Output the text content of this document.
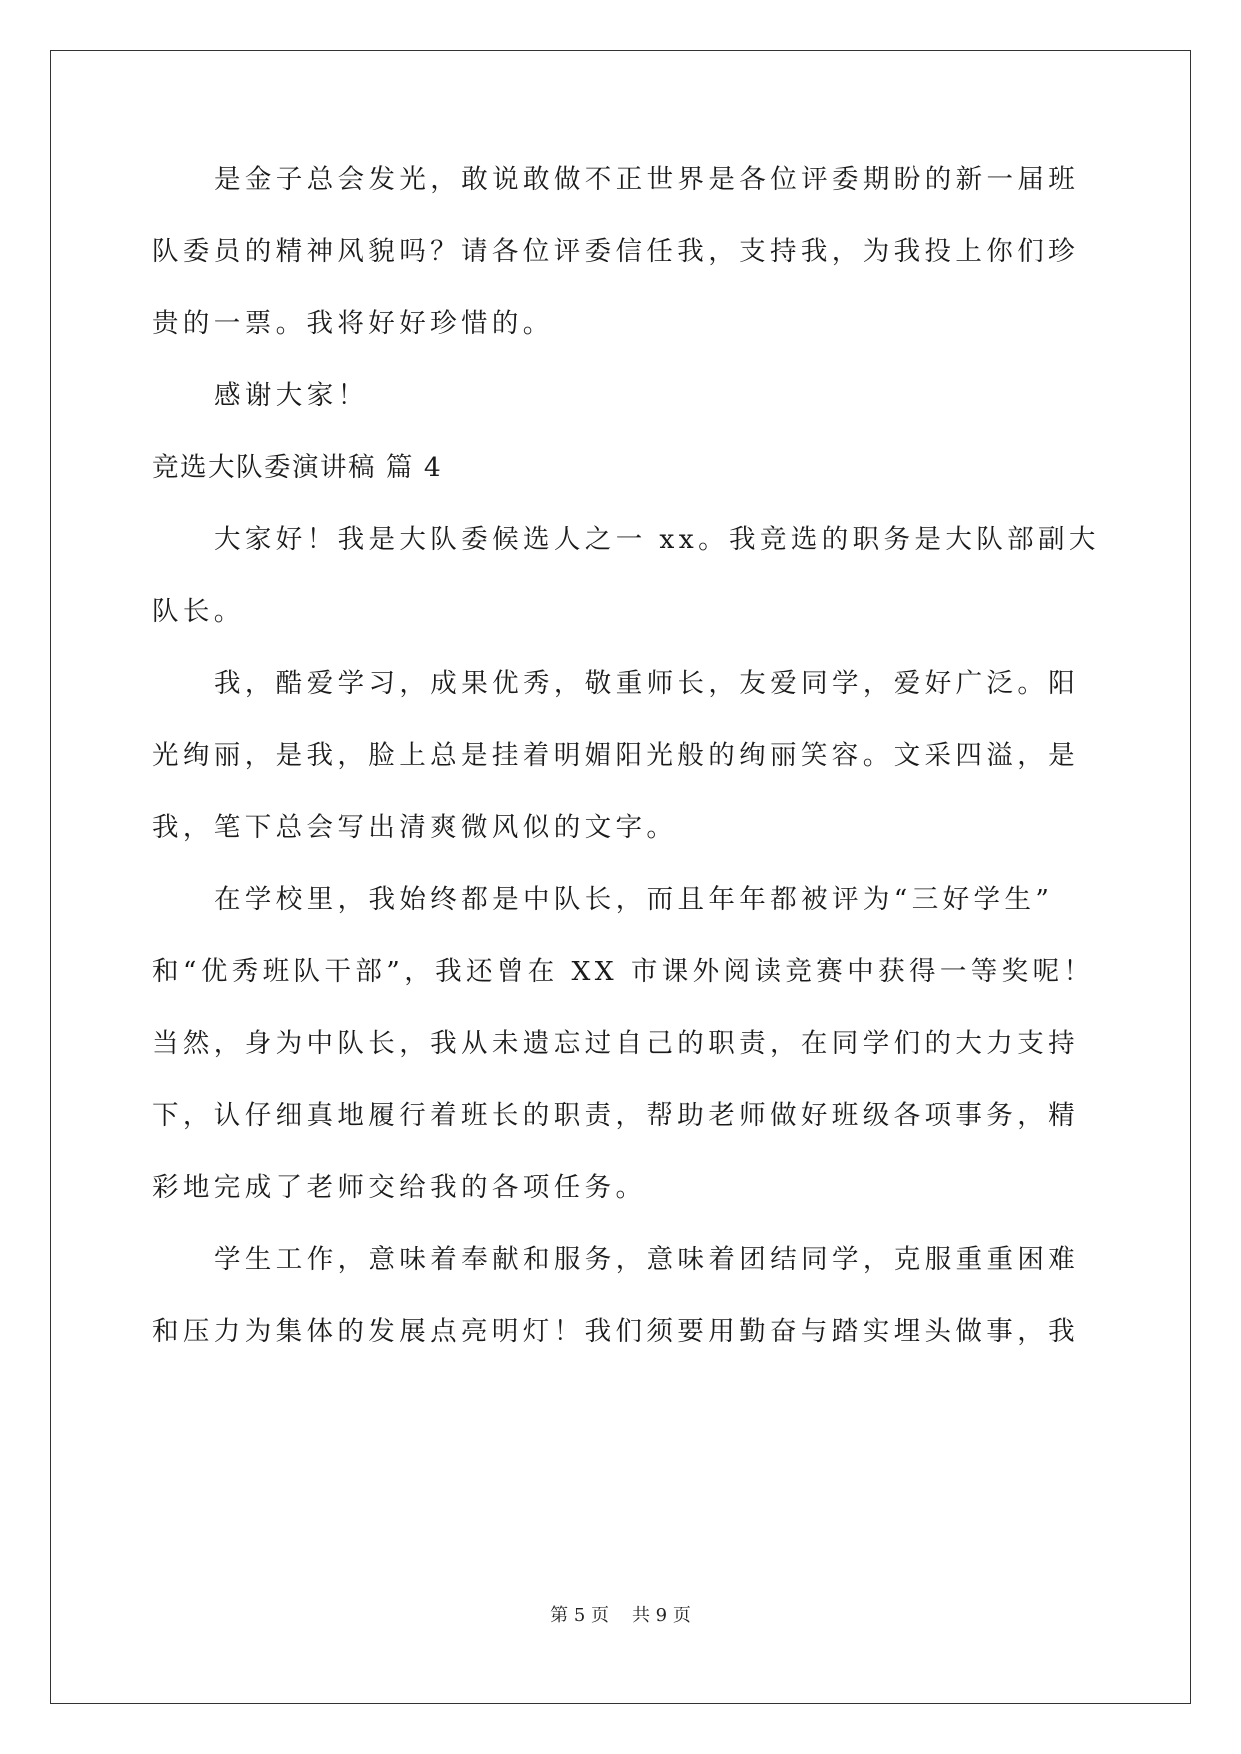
是金子总会发光，敢说敢做不正世界是各位评委期盼的新一届班
队委员的精神风貌吗？请各位评委信任我，支持我，为我投上你们珍
贵的一票。我将好好珍惜的。
感谢大家！
竞选大队委演讲稿 篇 4
大家好！我是大队委候选人之一 xx。我竞选的职务是大队部副大
队长。
我，酷爱学习，成果优秀，敬重师长，友爱同学，爱好广泛。阳
光绚丽，是我，脸上总是挂着明媚阳光般的绚丽笑容。文采四溢，是
我，笔下总会写出清爽微风似的文字。
在学校里，我始终都是中队长，而且年年都被评为“三好学生”
和“优秀班队干部”，我还曾在 XX 市课外阅读竞赛中获得一等奖呢！
当然，身为中队长，我从未遗忘过自己的职责，在同学们的大力支持
下，认仔细真地履行着班长的职责，帮助老师做好班级各项事务，精
彩地完成了老师交给我的各项任务。
学生工作，意味着奉献和服务，意味着团结同学，克服重重困难
和压力为集体的发展点亮明灯！我们须要用勤奋与踏实埋头做事，我
第 5 页    共 9 页
